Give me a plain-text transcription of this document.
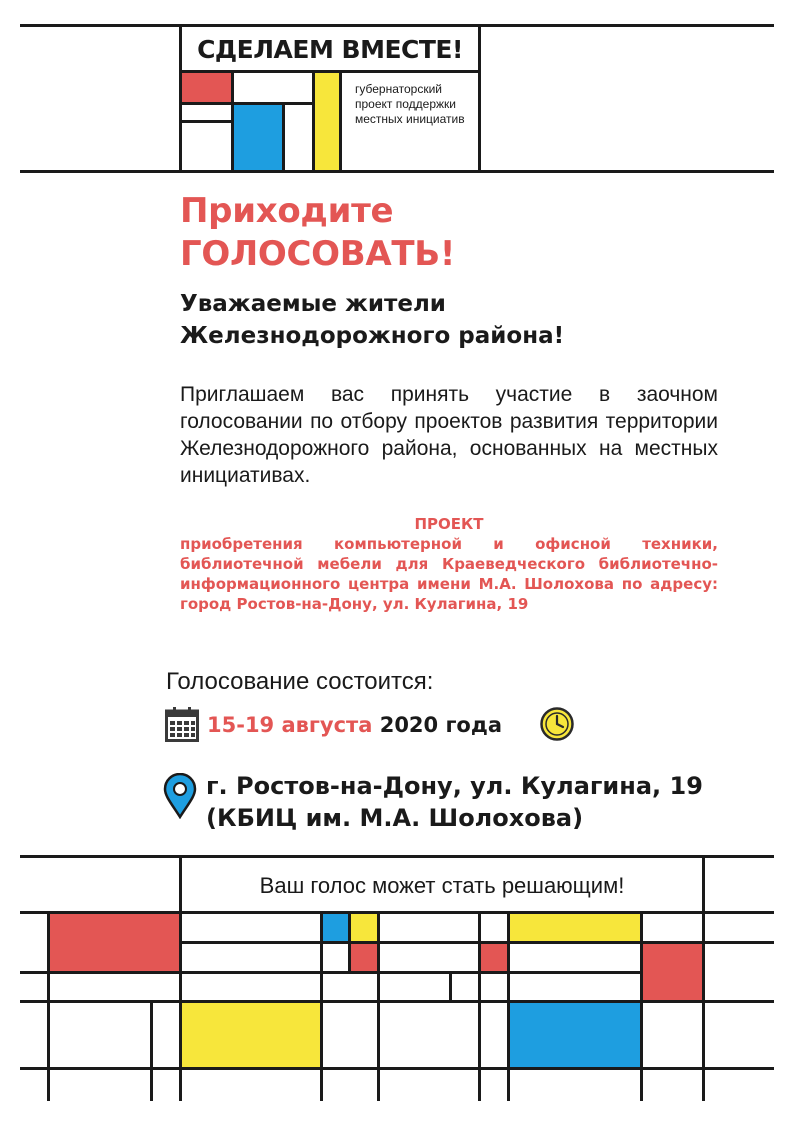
СДЕЛАЕМ ВМЕСТЕ!
губернаторский проект поддержки местных инициатив
Приходите
ГОЛОСОВАТЬ!
Уважаемые жители
Железнодорожного района!
Приглашаем вас принять участие в заочном голосовании по отбору проектов развития территории Железнодорожного района, основанных на местных инициативах.
ПРОЕКТ
приобретения компьютерной и офисной техники, библиотечной мебели для Краеведческого библиотечно-информационного центра имени М.А. Шолохова по адресу: город Ростов-на-Дону, ул. Кулагина, 19
Голосование состоится:
15-19 августа 2020 года
г. Ростов-на-Дону, ул. Кулагина, 19
(КБИЦ им. М.А. Шолохова)
Ваш голос может стать решающим!
